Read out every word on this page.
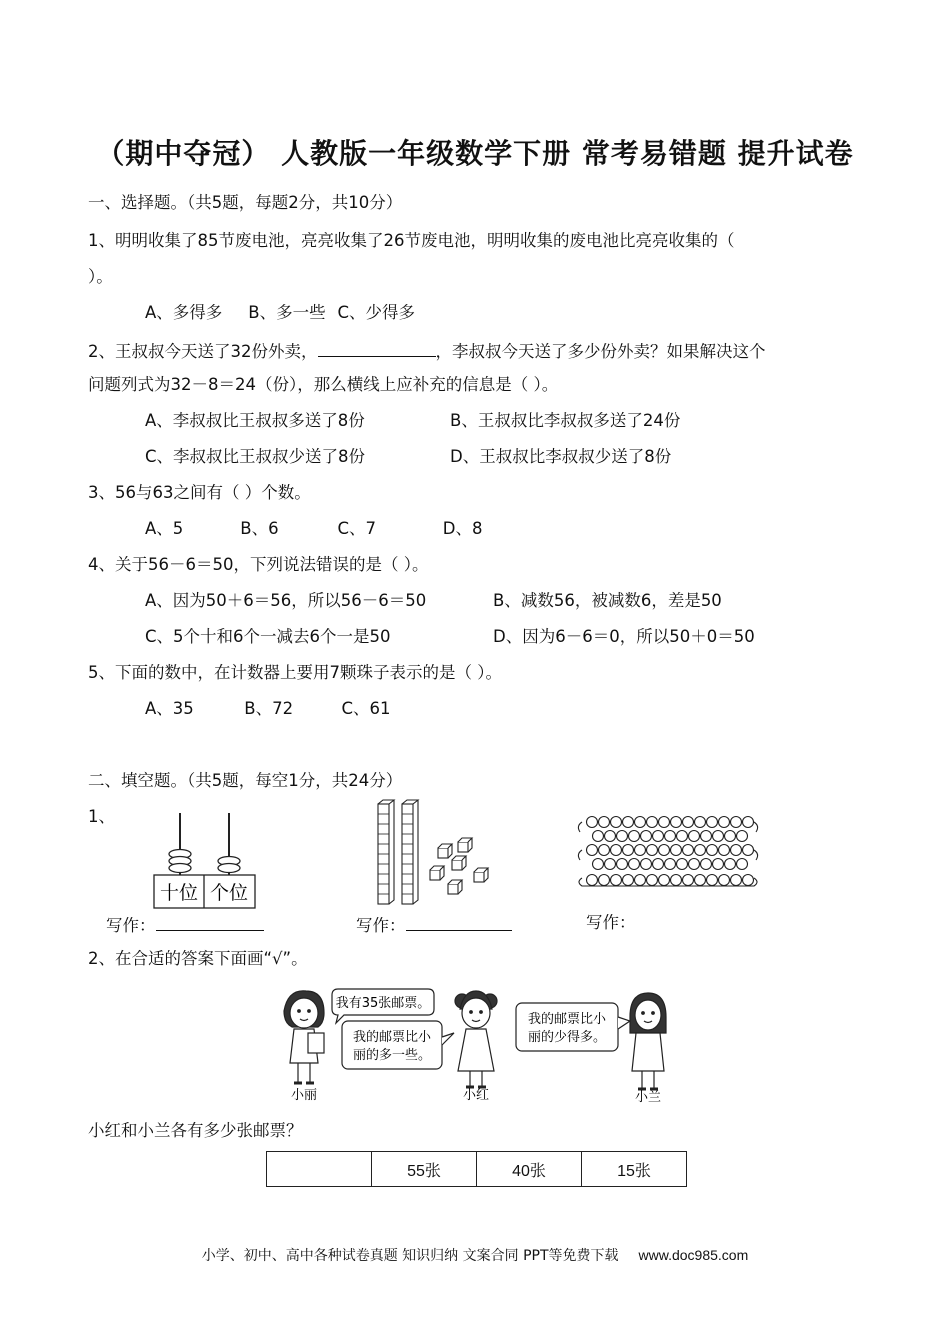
（期中夺冠） 人教版一年级数学下册 常考易错题 提升试卷
一、选择题。（共5题，每题2分，共10分）
1、明明收集了85节废电池，亮亮收集了26节废电池，明明收集的废电池比亮亮收集的（
）。
A、多得多 B、多一些 C、少得多
2、王叔叔今天送了32份外卖，	，李叔叔今天送了多少份外卖？如果解决这个
问题列式为32－8＝24（份），那么横线上应补充的信息是（ ）。
A、李叔叔比王叔叔多送了8份	B、王叔叔比李叔叔多送了24份
C、李叔叔比王叔叔少送了8份	D、王叔叔比李叔叔少送了8份
3、56与63之间有（ ）个数。
A、5	B、6	C、7	D、8
4、关于56－6＝50，下列说法错误的是（ ）。
A、因为50＋6＝56，所以56－6＝50	B、减数56，被减数6，差是50
C、5个十和6个一减去6个一是50	D、因为6－6＝0，所以50＋0＝50
5、下面的数中，在计数器上要用7颗珠子表示的是（ ）。
A、35	B、72	C、61
二、填空题。（共5题，每空1分，共24分）
1、
十位 个位
写作：	写作：	写作：
2、在合适的答案下面画“√”。
我有35张邮票。
我的邮票比小
丽的多一些。
我的邮票比小
丽的少得多。
小丽	小红	小兰
小红和小兰各有多少张邮票？
	55张	40张	15张
小学、初中、高中各种试卷真题 知识归纳 文案合同 PPT等免费下载 www.doc985.com
